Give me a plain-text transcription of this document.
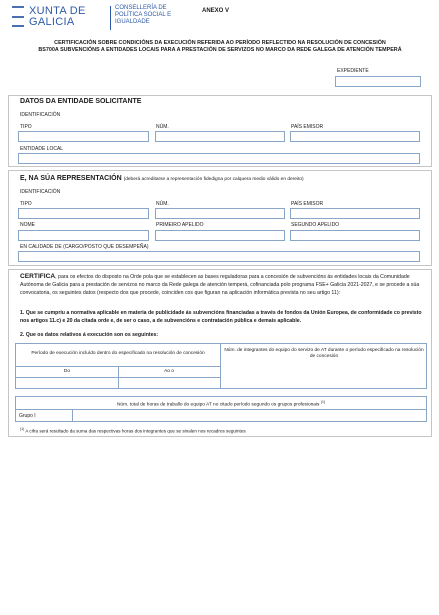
XUNTA DE GALICIA
CONSELLERÍA DE POLÍTICA SOCIAL E IGUALDADE
ANEXO V
CERTIFICACIÓN SOBRE CONDICIÓNS DA EXECUCIÓN REFERIDA AO PERÍODO REFLECTIDO NA RESOLUCIÓN DE CONCESIÓN
BS700A SUBVENCIÓNS A ENTIDADES LOCAIS PARA A PRESTACIÓN DE SERVIZOS NO MARCO DA REDE GALEGA DE ATENCIÓN TEMPERÁ
EXPEDIENTE
DATOS DA ENTIDADE SOLICITANTE
IDENTIFICACIÓN
TIPO	NÚM.	PAÍS EMISOR
ENTIDADE LOCAL
E, NA SÚA REPRESENTACIÓN (deberá acreditarse a representación fidedigna por calquera medio válido en dereito)
IDENTIFICACIÓN
TIPO	NÚM.	PAÍS EMISOR
NOME	PRIMEIRO APELIDO	SEGUNDO APELIDO
EN CALIDADE DE (CARGO/POSTO QUE DESEMPEÑA)
CERTIFICA, para os efectos do disposto na Orde pola que se establecen as bases reguladoras para a concesión de subvencións ás entidades locais da Comunidade Autónoma de Galicia para a prestación de servizos no marco da Rede galega de atención temperá, cofinanciada polo programa FSE+ Galicia 2021-2027, e se procede a súa convocatoria, os seguintes datos (respecto dos que procede, coinciden cos que figuran na aplicación informática prevista no seu artigo 11):
1. Que se cumpriu a normativa aplicable en materia de publicidade ás subvencións financiadas a través de fondos da Unión Europea, de conformidade co previsto nos artigos 11.c) e 20 da citada orde e, de ser o caso, a de subvencións e contratación pública e demais aplicable.
2. Que os datos relativos á execución son os seguintes:
Período de execución incluído dentro do especificado na resolución de concesión
Núm. de integrantes do equipo do servizo de AT durante o período especificado na resolución de concesión
Do	Ao o
Núm. total de horas de traballo do equipo AT no citado período segundo os grupos profesionais $^{(1)}$
Grupo I
$^{(1)}$ A cifra será resultado da suma das respectivas horas dos integrantes que se sinalen nos recadros seguintes
